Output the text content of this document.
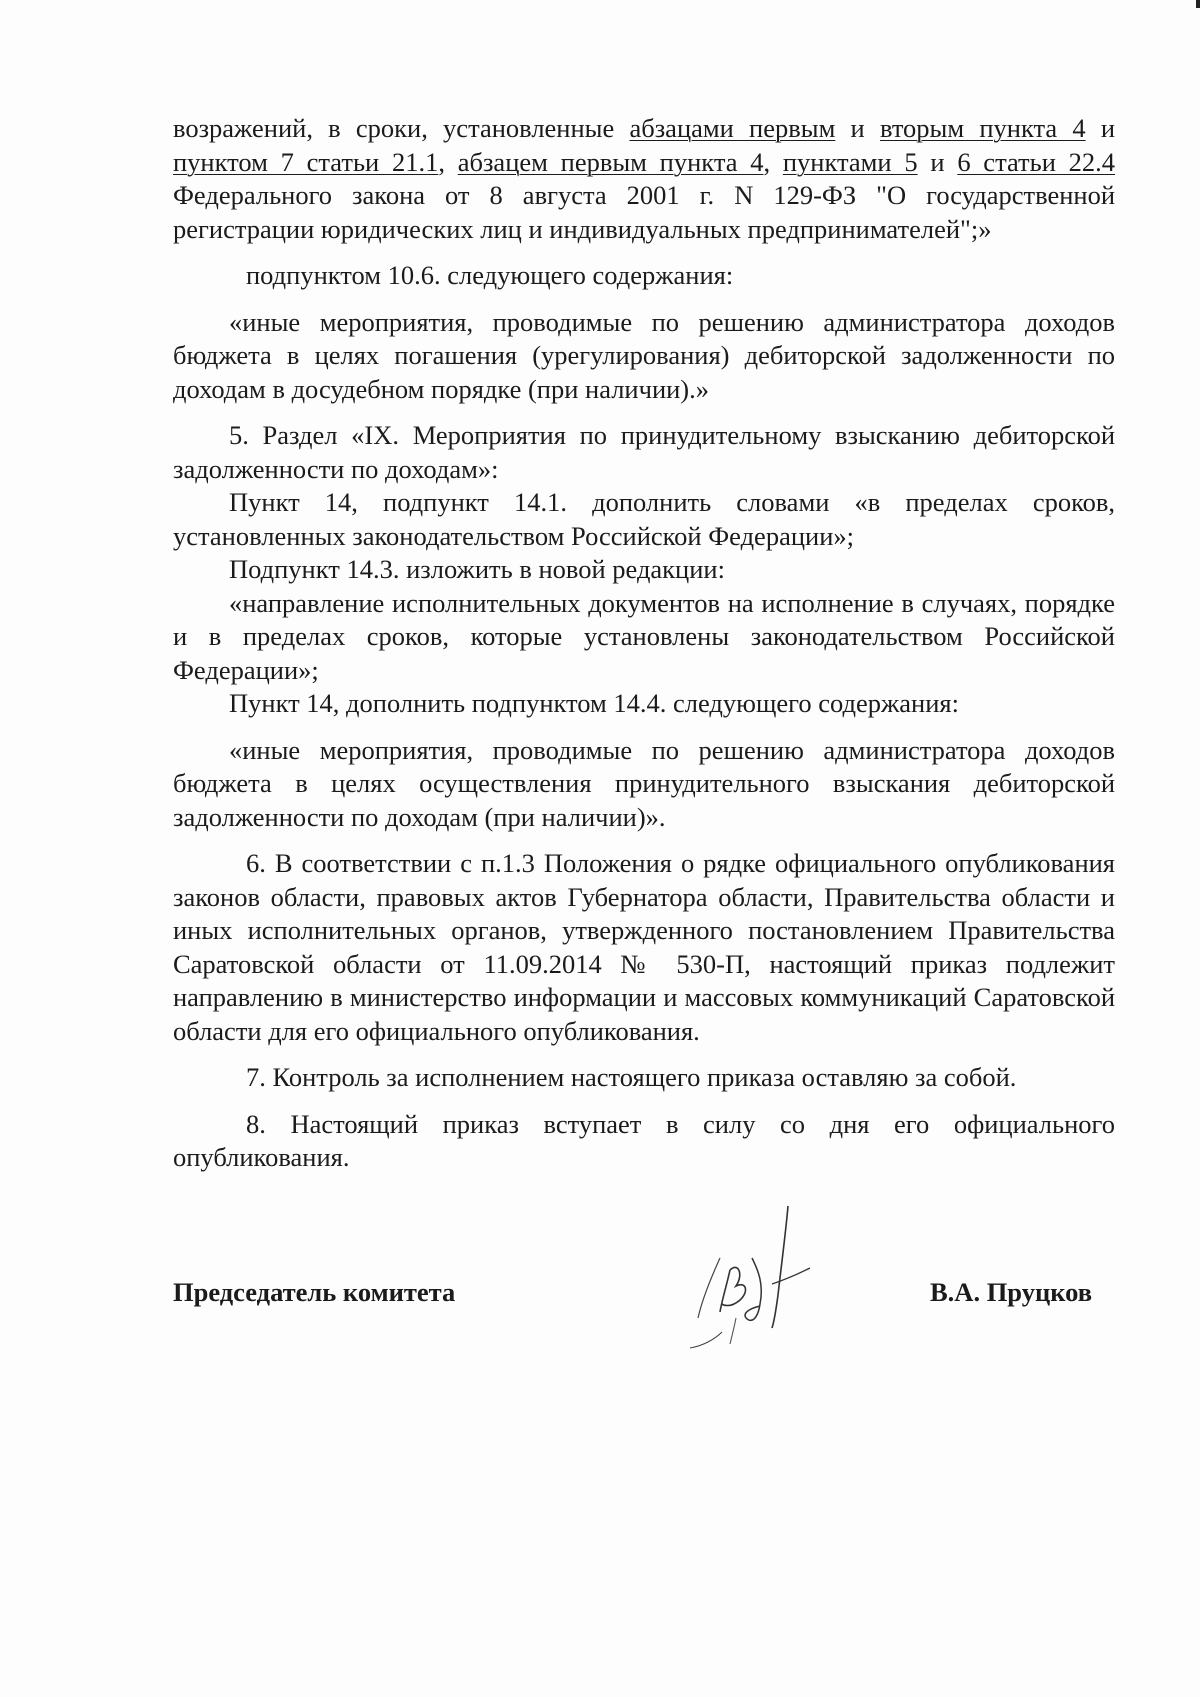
возражений, в сроки, установленные абзацами первым и вторым пункта 4 и пунктом 7 статьи 21.1, абзацем первым пункта 4, пунктами 5 и 6 статьи 22.4 Федерального закона от 8 августа 2001 г. N 129-ФЗ "О государственной регистрации юридических лиц и индивидуальных предпринимателей";»

подпунктом 10.6. следующего содержания:

«иные мероприятия, проводимые по решению администратора доходов бюджета в целях погашения (урегулирования) дебиторской задолженности по доходам в досудебном порядке (при наличии).»

5. Раздел «IX. Мероприятия по принудительному взысканию дебиторской задолженности по доходам»:

Пункт 14, подпункт 14.1. дополнить словами «в пределах сроков, установленных законодательством Российской Федерации»;

Подпункт 14.3. изложить в новой редакции:

«направление исполнительных документов на исполнение в случаях, порядке и в пределах сроков, которые установлены законодательством Российской Федерации»;

Пункт 14, дополнить подпунктом 14.4. следующего содержания:

«иные мероприятия, проводимые по решению администратора доходов бюджета в целях осуществления принудительного взыскания дебиторской задолженности по доходам (при наличии)».

6. В соответствии с п.1.3 Положения о рядке официального опубликования законов области, правовых актов Губернатора области, Правительства области и иных исполнительных органов, утвержденного постановлением Правительства Саратовской области от 11.09.2014 № 530-П, настоящий приказ подлежит направлению в министерство информации и массовых коммуникаций Саратовской области для его официального опубликования.

7. Контроль за исполнением настоящего приказа оставляю за собой.

8. Настоящий приказ вступает в силу со дня его официального опубликования.

Председатель комитета	В.А. Пруцков
